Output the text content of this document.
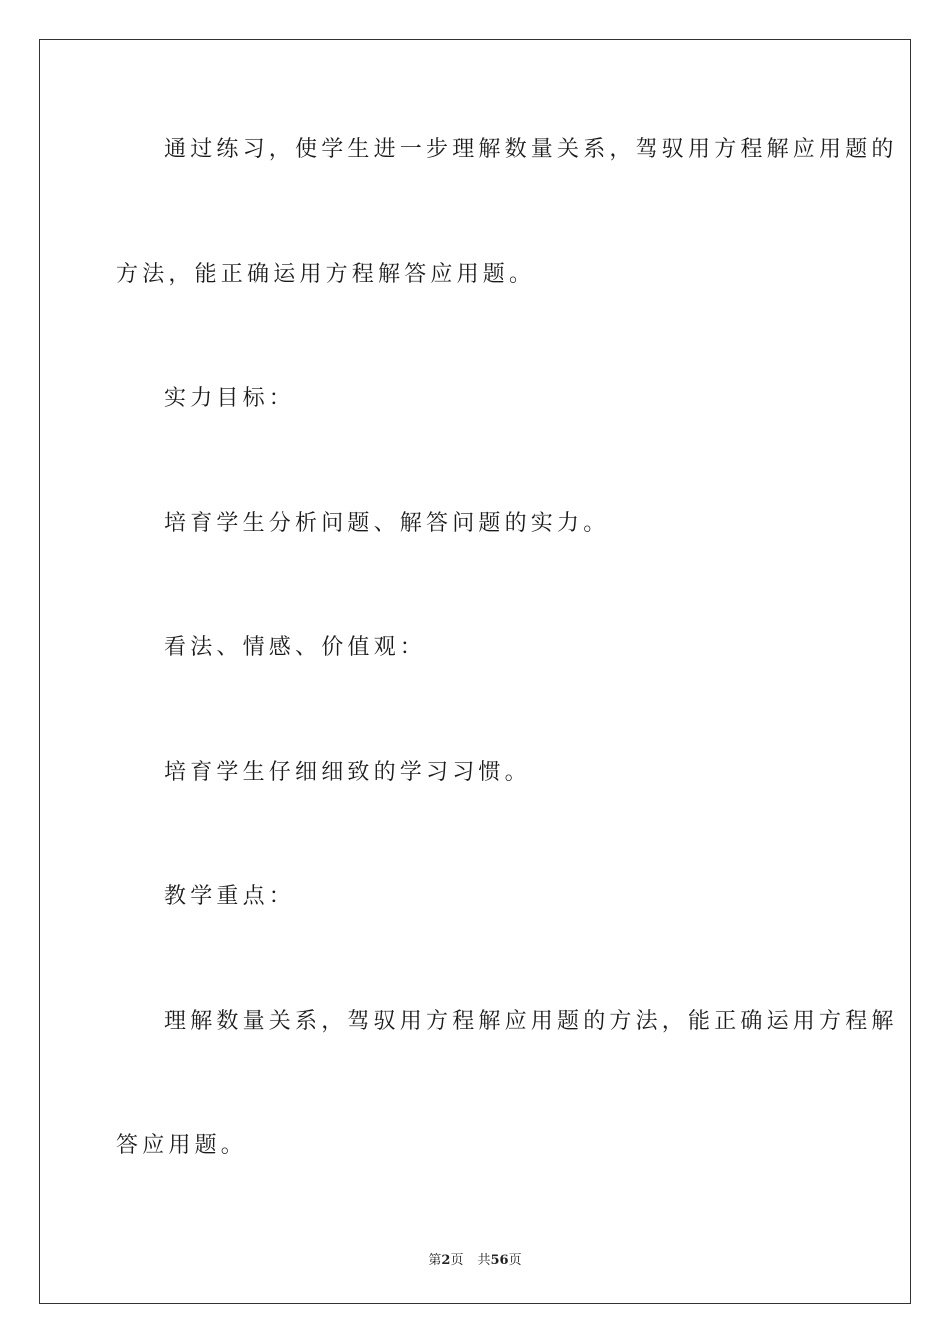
通过练习，使学生进一步理解数量关系，驾驭用方程解应用题的
方法，能正确运用方程解答应用题。
实力目标：
培育学生分析问题、解答问题的实力。
看法、情感、价值观：
培育学生仔细细致的学习习惯。
教学重点：
理解数量关系，驾驭用方程解应用题的方法，能正确运用方程解
答应用题。
第2页 共56页
